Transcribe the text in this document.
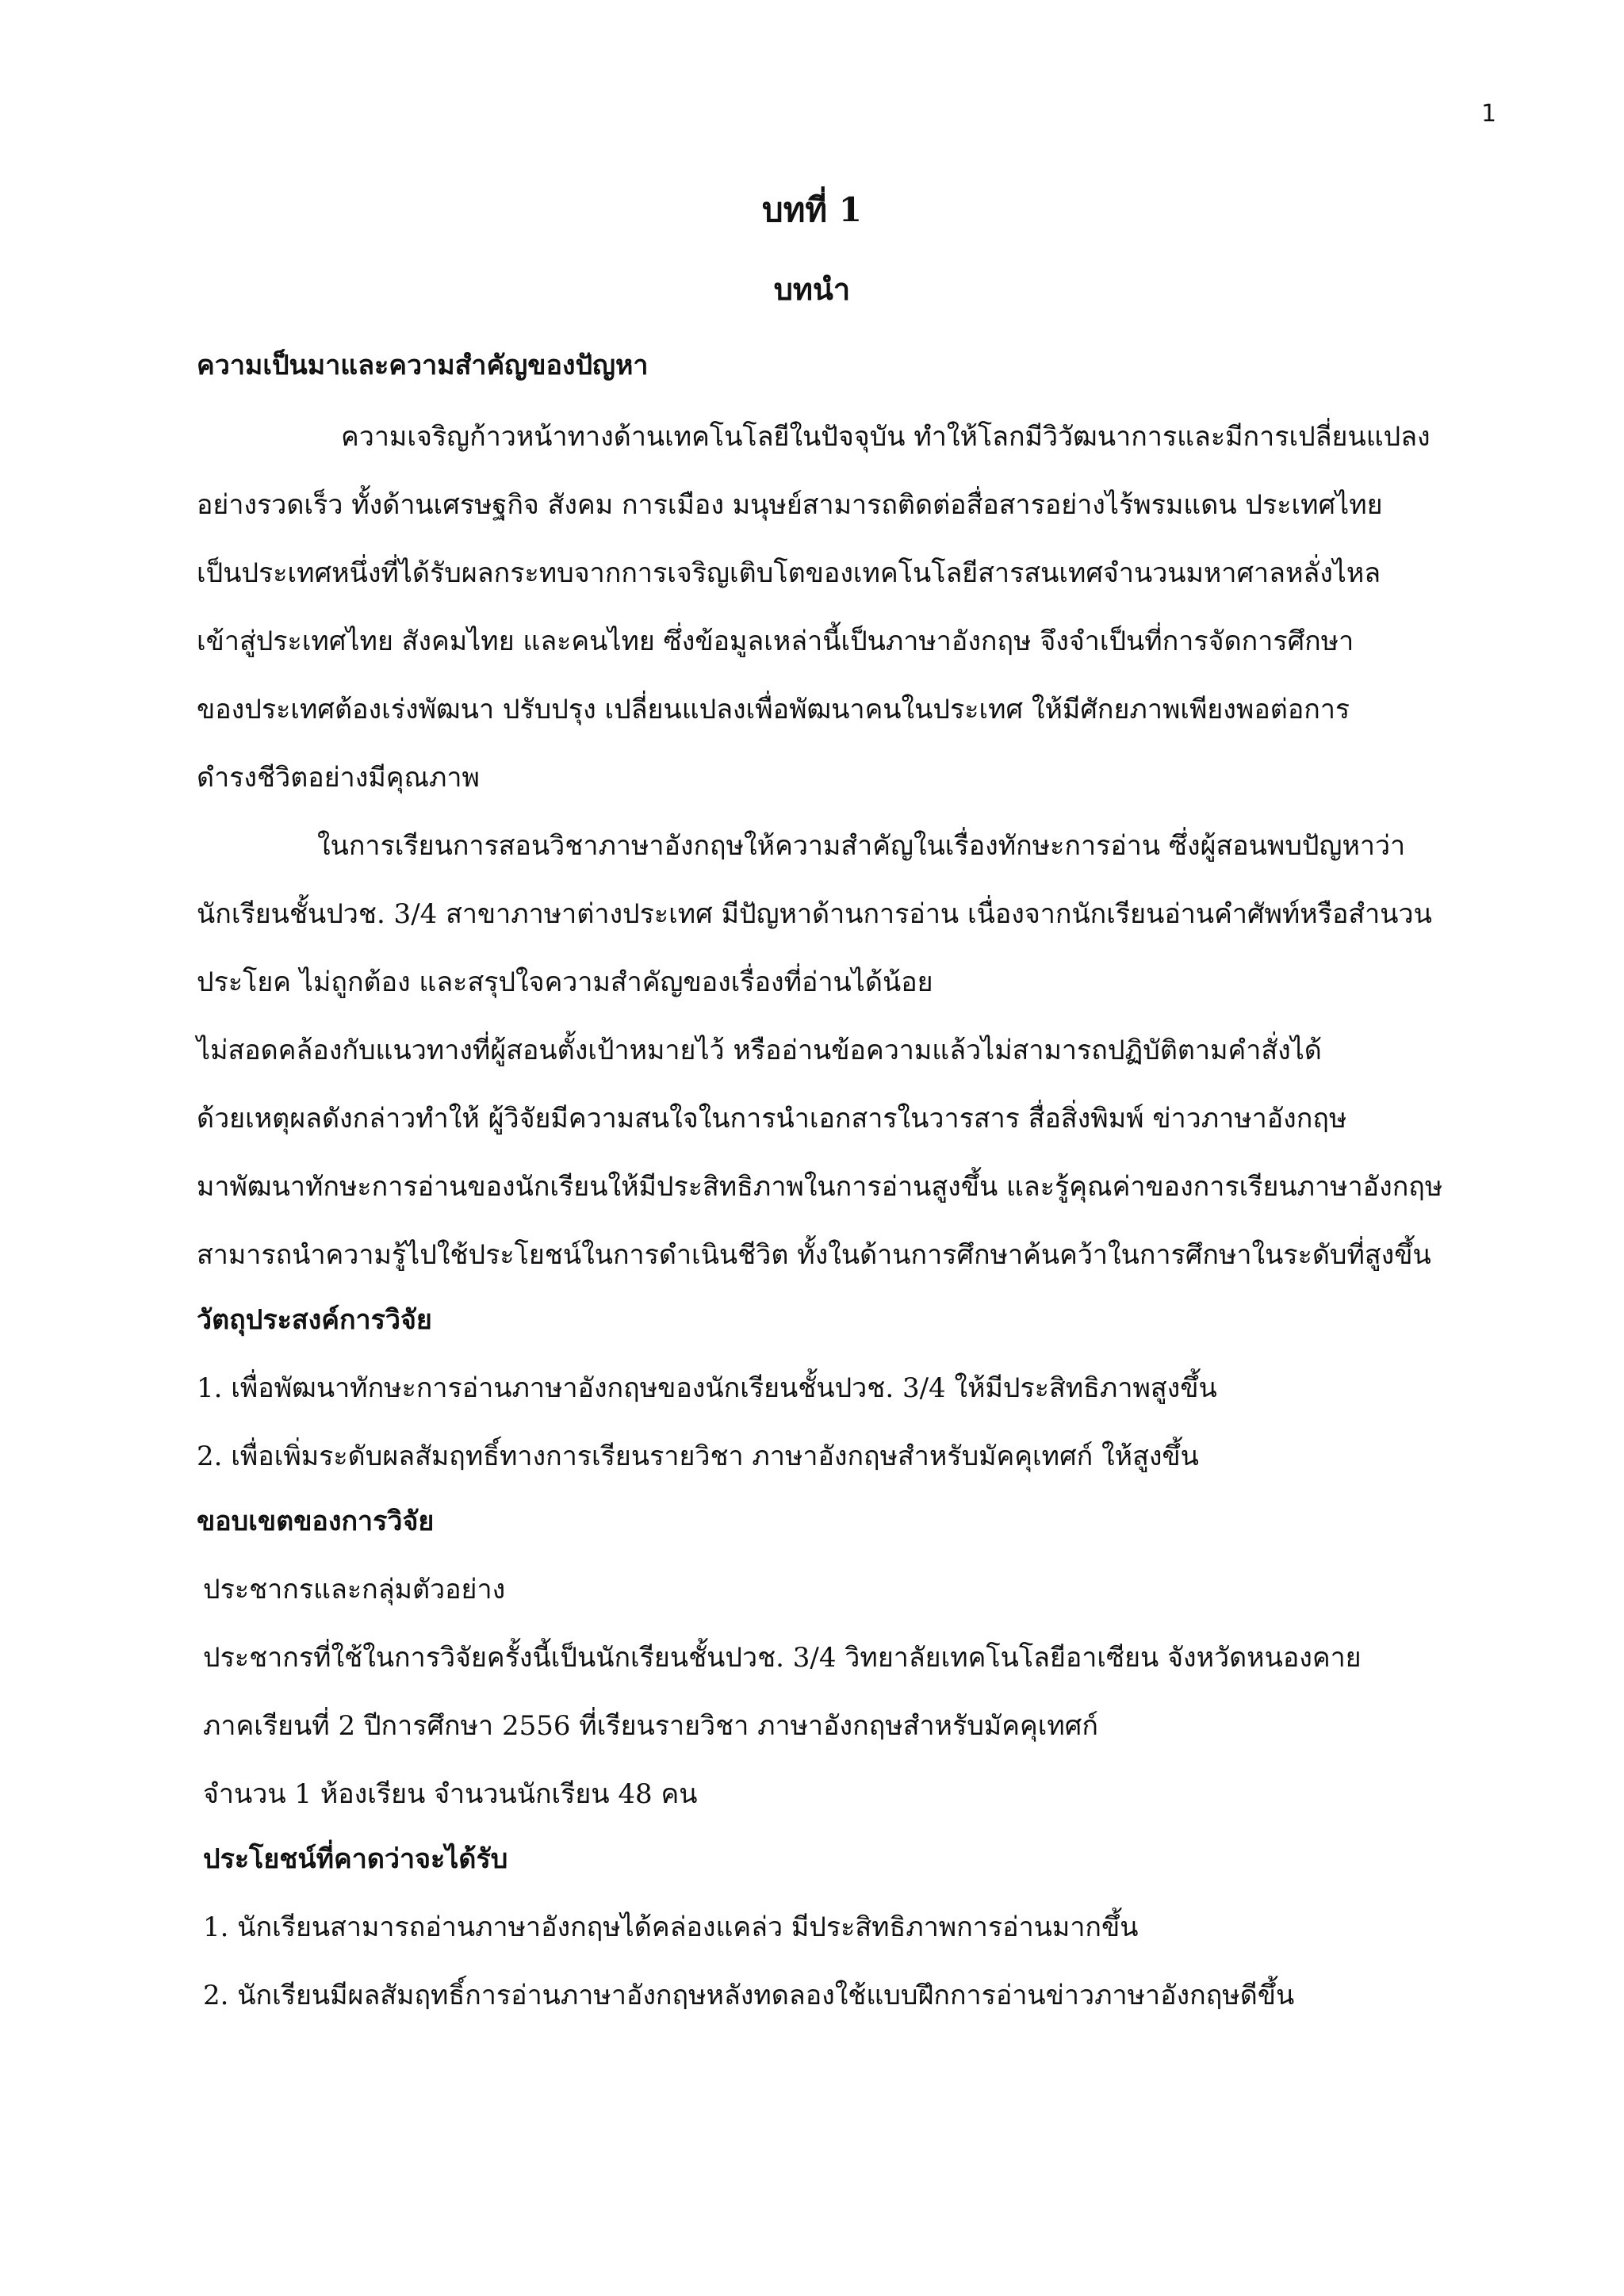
1
บทที่ 1
บทนำ
ความเป็นมาและความสำคัญของปัญหา
ความเจริญก้าวหน้าทางด้านเทคโนโลยีในปัจจุบัน ทำให้โลกมีวิวัฒนาการและมีการเปลี่ยนแปลง
อย่างรวดเร็ว ทั้งด้านเศรษฐกิจ สังคม การเมือง มนุษย์สามารถติดต่อสื่อสารอย่างไร้พรมแดน ประเทศไทย
เป็นประเทศหนึ่งที่ได้รับผลกระทบจากการเจริญเติบโตของเทคโนโลยีสารสนเทศจำนวนมหาศาลหลั่งไหล
เข้าสู่ประเทศไทย สังคมไทย และคนไทย ซึ่งข้อมูลเหล่านี้เป็นภาษาอังกฤษ จึงจำเป็นที่การจัดการศึกษา
ของประเทศต้องเร่งพัฒนา ปรับปรุง เปลี่ยนแปลงเพื่อพัฒนาคนในประเทศ ให้มีศักยภาพเพียงพอต่อการ
ดำรงชีวิตอย่างมีคุณภาพ
ในการเรียนการสอนวิชาภาษาอังกฤษให้ความสำคัญในเรื่องทักษะการอ่าน ซึ่งผู้สอนพบปัญหาว่า
นักเรียนชั้นปวช. 3/4 สาขาภาษาต่างประเทศ มีปัญหาด้านการอ่าน เนื่องจากนักเรียนอ่านคำศัพท์หรือสำนวน
ประโยค ไม่ถูกต้อง และสรุปใจความสำคัญของเรื่องที่อ่านได้น้อย
ไม่สอดคล้องกับแนวทางที่ผู้สอนตั้งเป้าหมายไว้ หรืออ่านข้อความแล้วไม่สามารถปฏิบัติตามคำสั่งได้
ด้วยเหตุผลดังกล่าวทำให้ ผู้วิจัยมีความสนใจในการนำเอกสารในวารสาร สื่อสิ่งพิมพ์ ข่าวภาษาอังกฤษ
มาพัฒนาทักษะการอ่านของนักเรียนให้มีประสิทธิภาพในการอ่านสูงขึ้น และรู้คุณค่าของการเรียนภาษาอังกฤษ
สามารถนำความรู้ไปใช้ประโยชน์ในการดำเนินชีวิต ทั้งในด้านการศึกษาค้นคว้าในการศึกษาในระดับที่สูงขึ้น
วัตถุประสงค์การวิจัย
1. เพื่อพัฒนาทักษะการอ่านภาษาอังกฤษของนักเรียนชั้นปวช. 3/4 ให้มีประสิทธิภาพสูงขึ้น
2. เพื่อเพิ่มระดับผลสัมฤทธิ์ทางการเรียนรายวิชา ภาษาอังกฤษสำหรับมัคคุเทศก์ ให้สูงขึ้น
ขอบเขตของการวิจัย
ประชากรและกลุ่มตัวอย่าง
ประชากรที่ใช้ในการวิจัยครั้งนี้เป็นนักเรียนชั้นปวช. 3/4 วิทยาลัยเทคโนโลยีอาเซียน จังหวัดหนองคาย
ภาคเรียนที่ 2 ปีการศึกษา 2556 ที่เรียนรายวิชา ภาษาอังกฤษสำหรับมัคคุเทศก์
จำนวน 1 ห้องเรียน จำนวนนักเรียน 48 คน
ประโยชน์ที่คาดว่าจะได้รับ
1. นักเรียนสามารถอ่านภาษาอังกฤษได้คล่องแคล่ว มีประสิทธิภาพการอ่านมากขึ้น
2. นักเรียนมีผลสัมฤทธิ์การอ่านภาษาอังกฤษหลังทดลองใช้แบบฝึกการอ่านข่าวภาษาอังกฤษดีขึ้น
